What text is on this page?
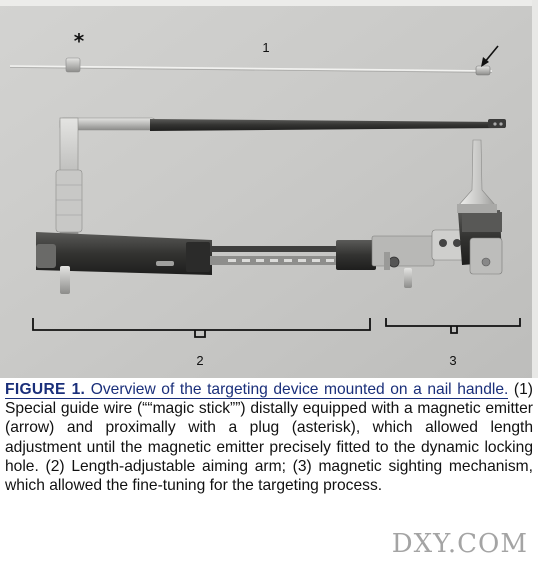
*	1
2	3
FIGURE 1. Overview of the targeting device mounted on a nail handle. (1) Special guide wire (““magic stick””) distally equipped with a magnetic emitter (arrow) and proximally with a plug (asterisk), which allowed length adjustment until the magnetic emitter precisely fitted to the dynamic locking hole. (2) Length-adjustable aiming arm; (3) magnetic sighting mechanism, which allowed the fine-tuning for the targeting process.
DXY.COM
